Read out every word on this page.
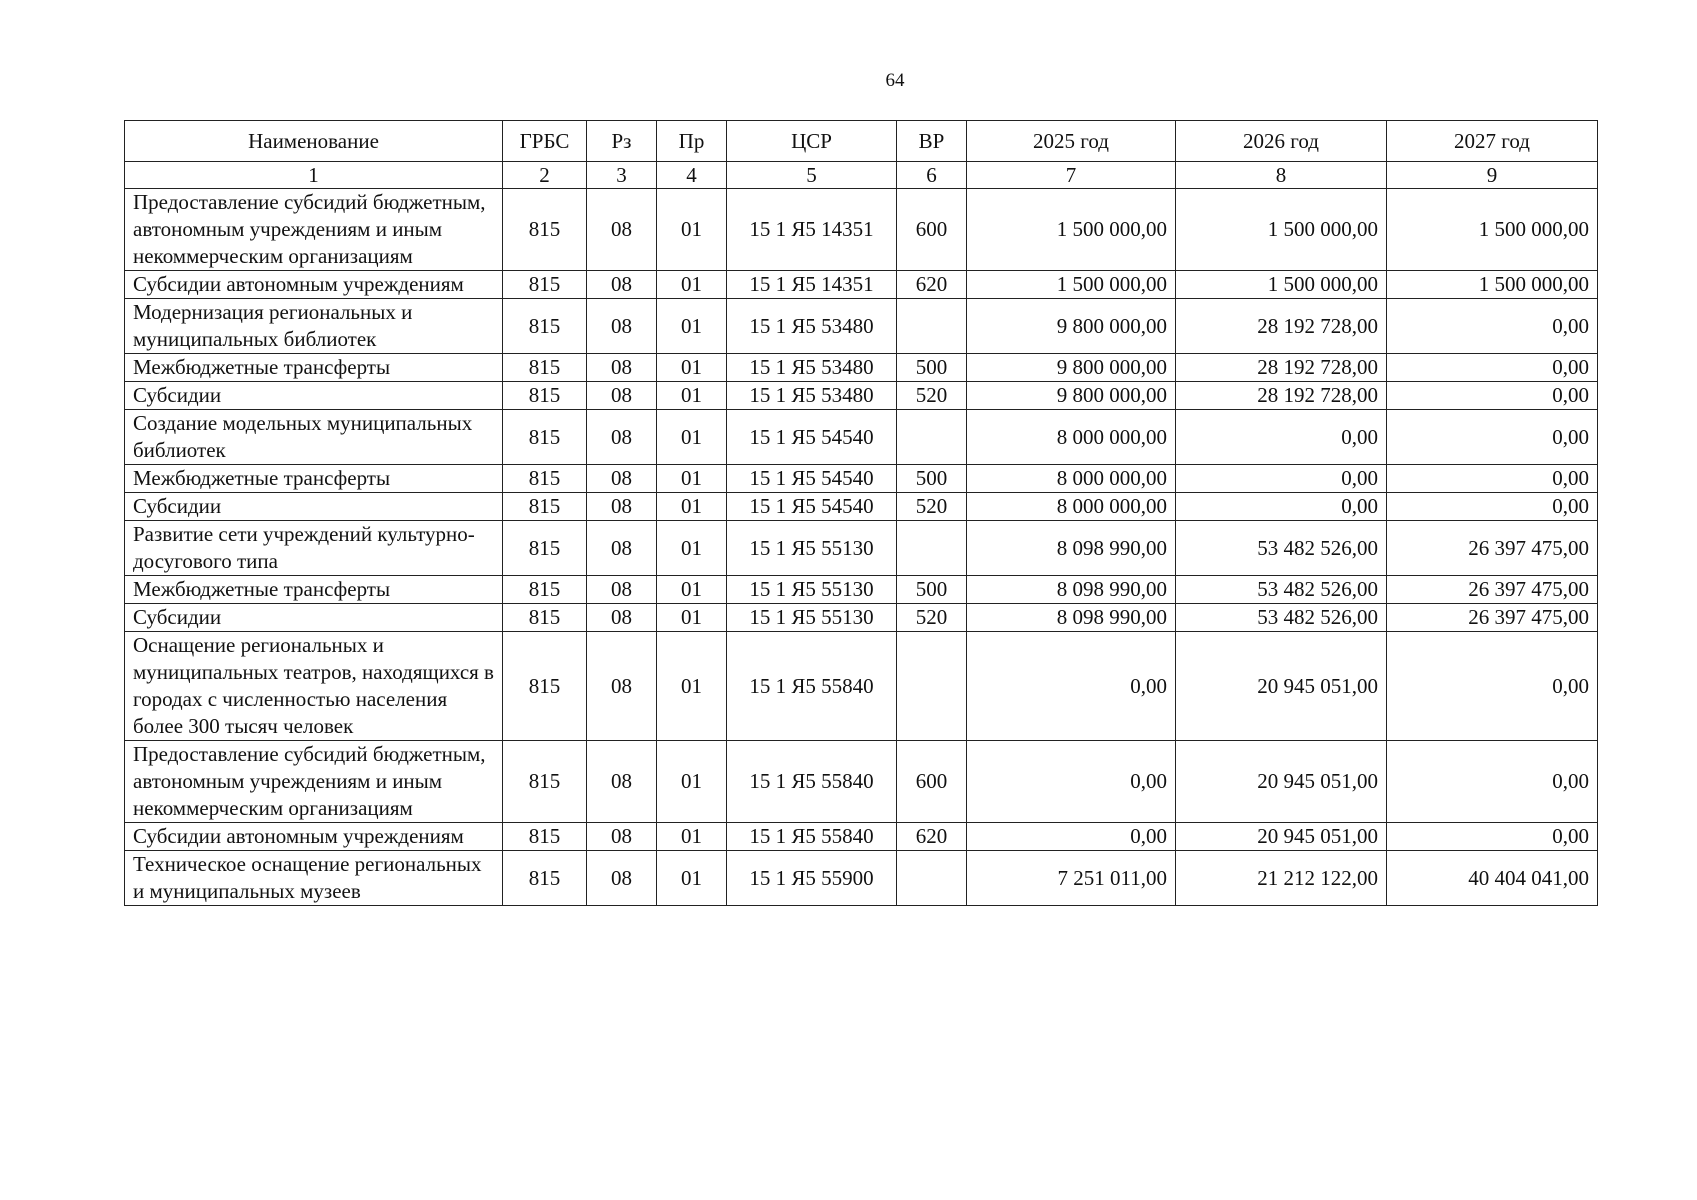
64
Наименование	ГРБС	Рз	Пр	ЦСР	ВР	2025 год	2026 год	2027 год
1	2	3	4	5	6	7	8	9
Предоставление субсидий бюджетным, автономным учреждениям и иным некоммерческим организациям	815	08	01	15 1 Я5 14351	600	1 500 000,00	1 500 000,00	1 500 000,00
Субсидии автономным учреждениям	815	08	01	15 1 Я5 14351	620	1 500 000,00	1 500 000,00	1 500 000,00
Модернизация региональных и муниципальных библиотек	815	08	01	15 1 Я5 53480		9 800 000,00	28 192 728,00	0,00
Межбюджетные трансферты	815	08	01	15 1 Я5 53480	500	9 800 000,00	28 192 728,00	0,00
Субсидии	815	08	01	15 1 Я5 53480	520	9 800 000,00	28 192 728,00	0,00
Создание модельных муниципальных библиотек	815	08	01	15 1 Я5 54540		8 000 000,00	0,00	0,00
Межбюджетные трансферты	815	08	01	15 1 Я5 54540	500	8 000 000,00	0,00	0,00
Субсидии	815	08	01	15 1 Я5 54540	520	8 000 000,00	0,00	0,00
Развитие сети учреждений культурно-досугового типа	815	08	01	15 1 Я5 55130		8 098 990,00	53 482 526,00	26 397 475,00
Межбюджетные трансферты	815	08	01	15 1 Я5 55130	500	8 098 990,00	53 482 526,00	26 397 475,00
Субсидии	815	08	01	15 1 Я5 55130	520	8 098 990,00	53 482 526,00	26 397 475,00
Оснащение региональных и муниципальных театров, находящихся в городах с численностью населения более 300 тысяч человек	815	08	01	15 1 Я5 55840		0,00	20 945 051,00	0,00
Предоставление субсидий бюджетным, автономным учреждениям и иным некоммерческим организациям	815	08	01	15 1 Я5 55840	600	0,00	20 945 051,00	0,00
Субсидии автономным учреждениям	815	08	01	15 1 Я5 55840	620	0,00	20 945 051,00	0,00
Техническое оснащение региональных и муниципальных музеев	815	08	01	15 1 Я5 55900		7 251 011,00	21 212 122,00	40 404 041,00
